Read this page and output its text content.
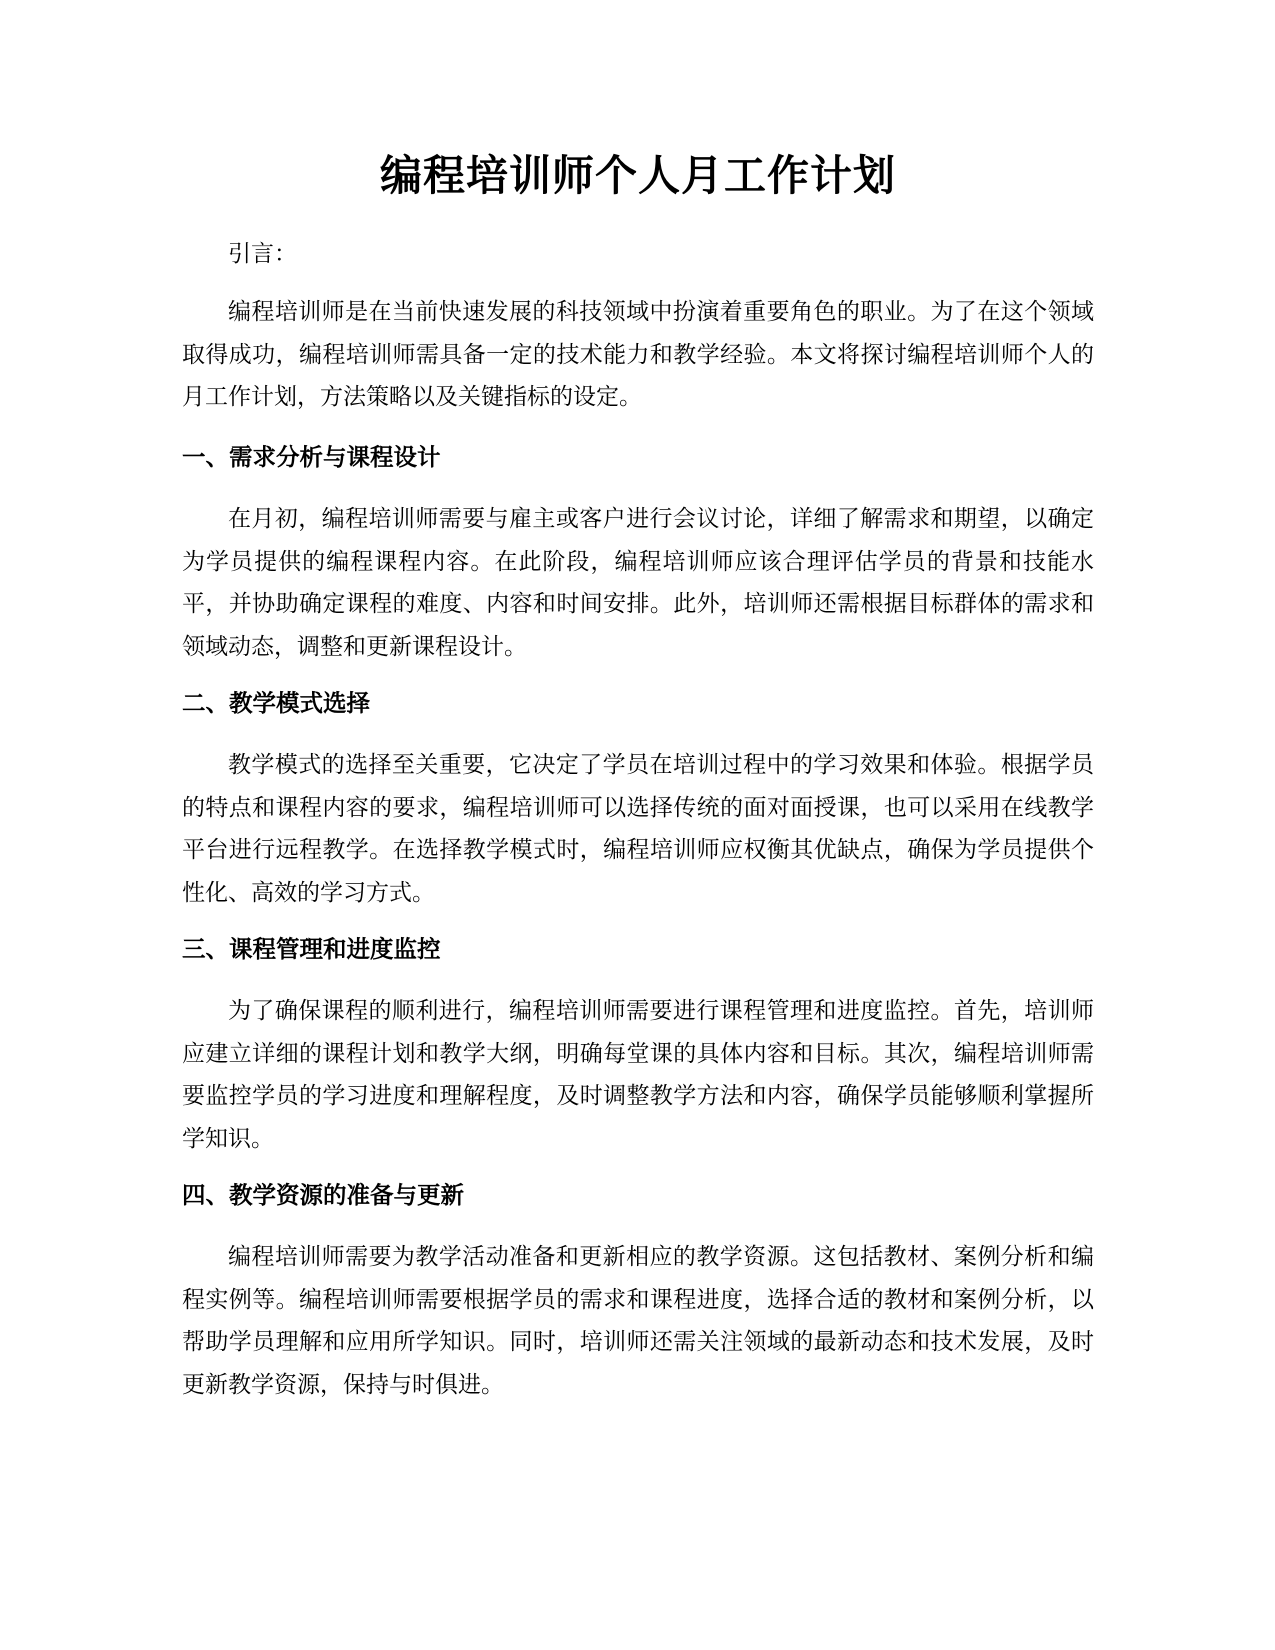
编程培训师个人月工作计划

引言：

编程培训师是在当前快速发展的科技领域中扮演着重要角色的职业。为了在这个领域取得成功，编程培训师需具备一定的技术能力和教学经验。本文将探讨编程培训师个人的月工作计划，方法策略以及关键指标的设定。

一、需求分析与课程设计

在月初，编程培训师需要与雇主或客户进行会议讨论，详细了解需求和期望，以确定为学员提供的编程课程内容。在此阶段，编程培训师应该合理评估学员的背景和技能水平，并协助确定课程的难度、内容和时间安排。此外，培训师还需根据目标群体的需求和领域动态，调整和更新课程设计。

二、教学模式选择

教学模式的选择至关重要，它决定了学员在培训过程中的学习效果和体验。根据学员的特点和课程内容的要求，编程培训师可以选择传统的面对面授课，也可以采用在线教学平台进行远程教学。在选择教学模式时，编程培训师应权衡其优缺点，确保为学员提供个性化、高效的学习方式。

三、课程管理和进度监控

为了确保课程的顺利进行，编程培训师需要进行课程管理和进度监控。首先，培训师应建立详细的课程计划和教学大纲，明确每堂课的具体内容和目标。其次，编程培训师需要监控学员的学习进度和理解程度，及时调整教学方法和内容，确保学员能够顺利掌握所学知识。

四、教学资源的准备与更新

编程培训师需要为教学活动准备和更新相应的教学资源。这包括教材、案例分析和编程实例等。编程培训师需要根据学员的需求和课程进度，选择合适的教材和案例分析，以帮助学员理解和应用所学知识。同时，培训师还需关注领域的最新动态和技术发展，及时更新教学资源，保持与时俱进。
